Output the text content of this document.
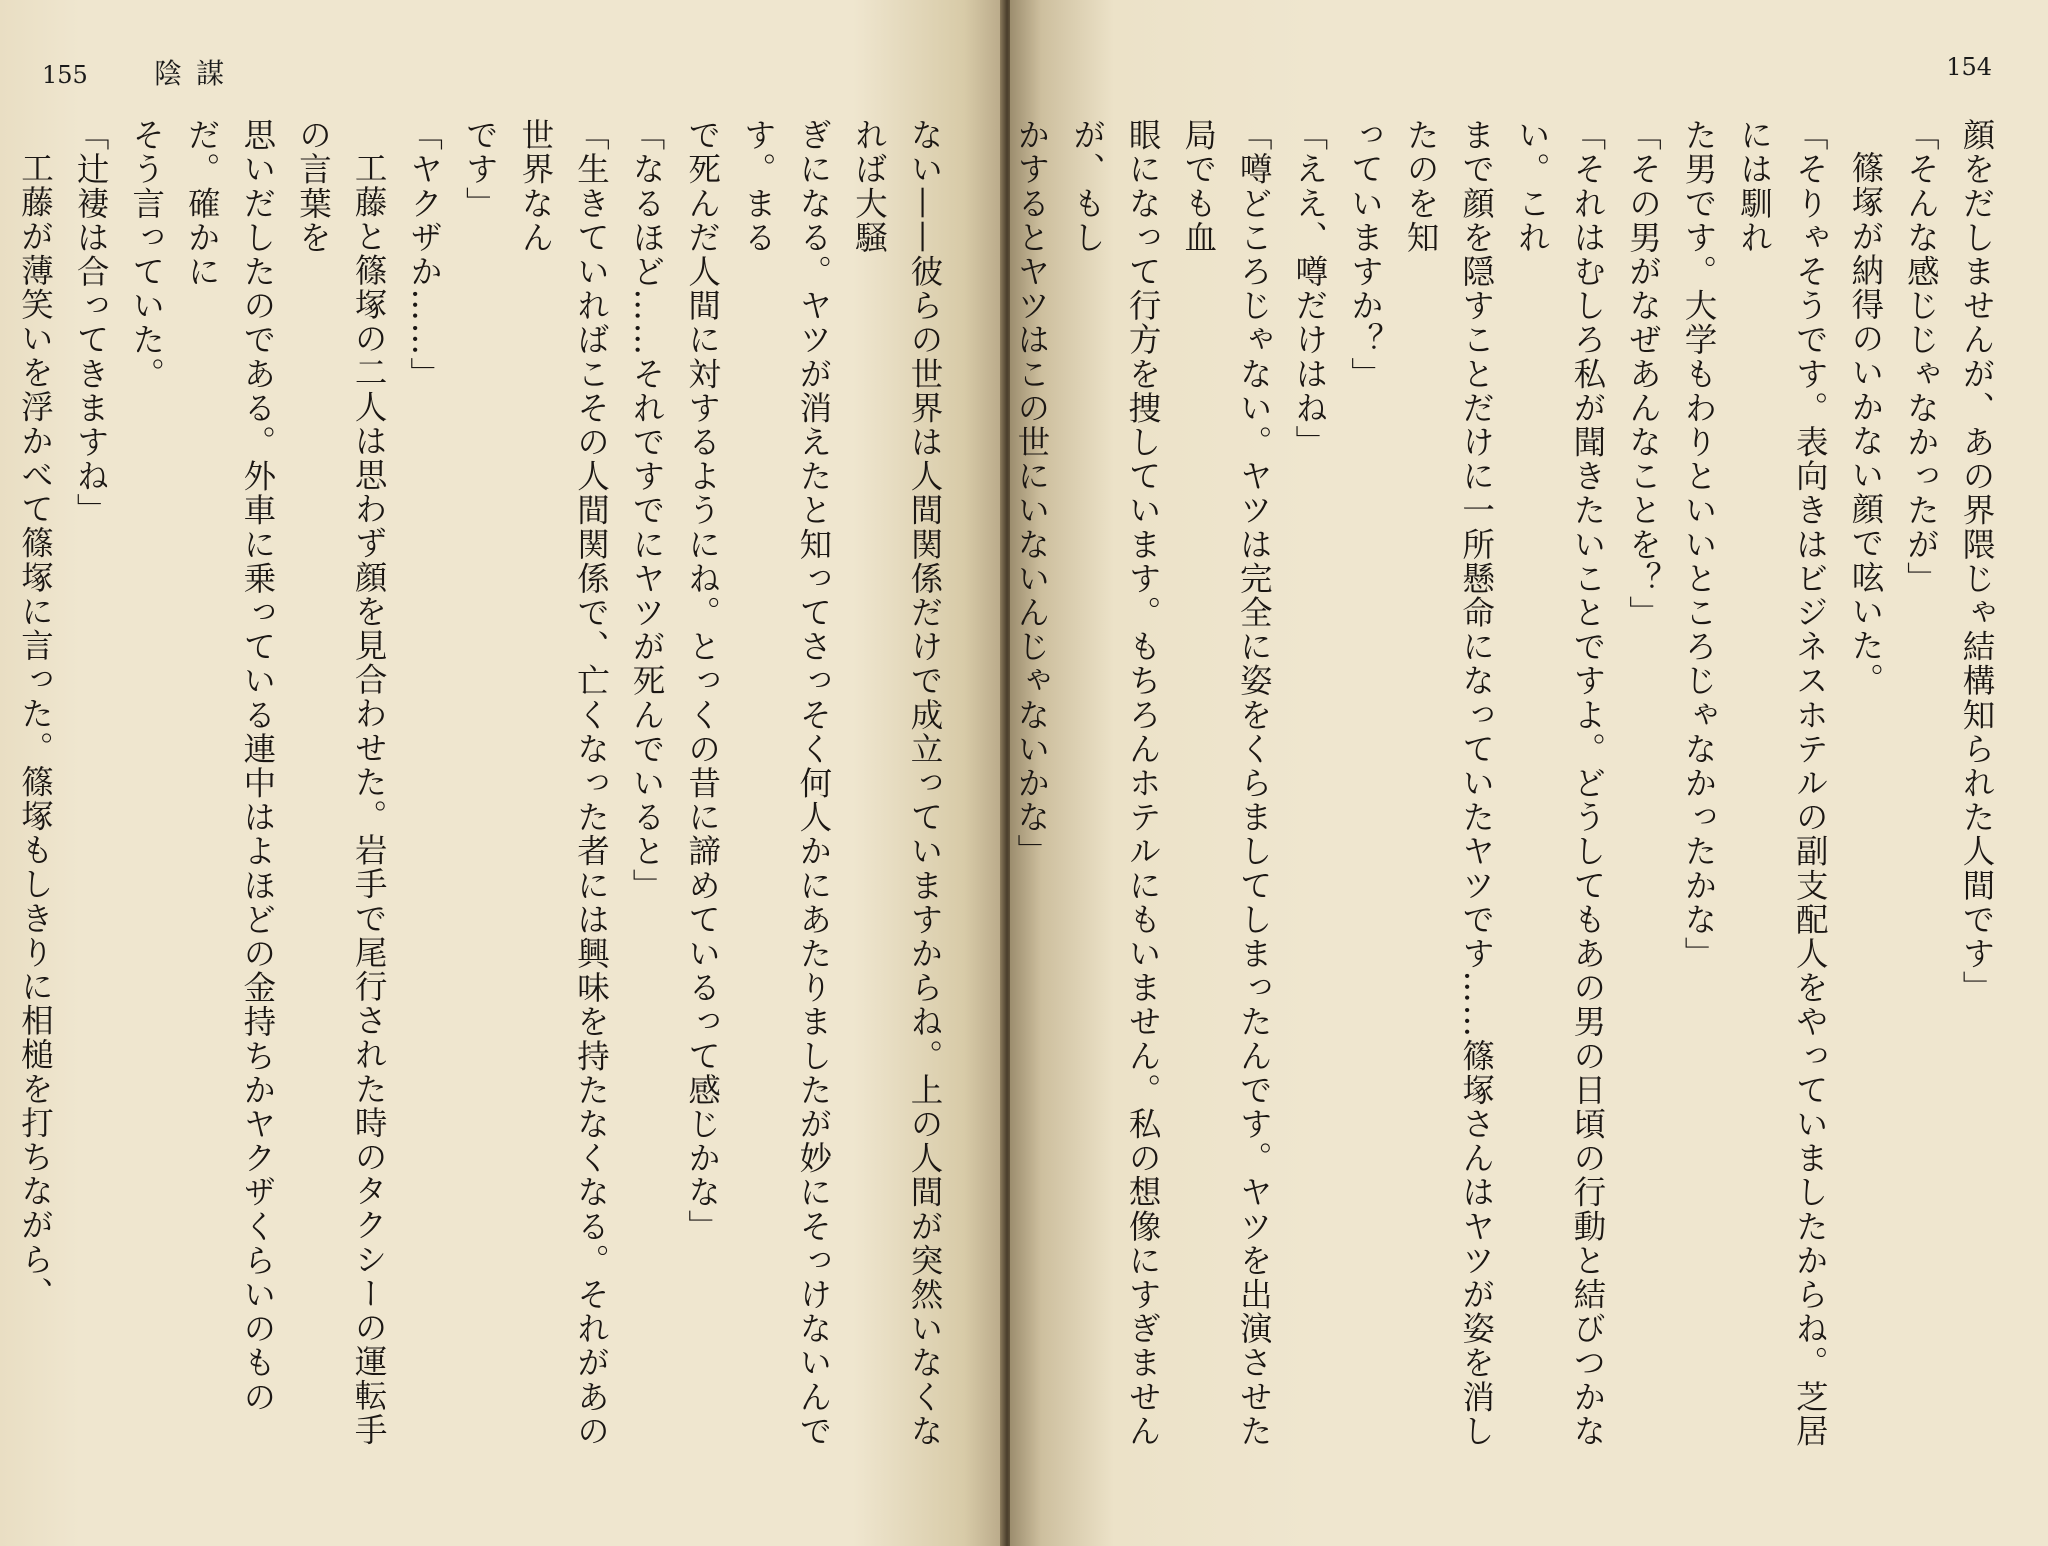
155 陰謀

ない——彼らの世界は人間関係だけで成立っていますからね。上の人間が突然いなくなれば大騒

ぎになる。ヤツが消えたと知ってさっそく何人かにあたりましたが妙にそっけないんです。まる

で死んだ人間に対するようにね。とっくの昔に諦めているって感じかな」

「なるほど……それですでにヤツが死んでいると」

「生きていればこその人間関係で、亡くなった者には興味を持たなくなる。それがあの世界なん

です」

「ヤクザか……」

工藤と篠塚の二人は思わず顔を見合わせた。岩手で尾行された時のタクシーの運転手の言葉を

思いだしたのである。外車に乗っている連中はよほどの金持ちかヤクザくらいのものだ。確かに

そう言っていた。

「辻褄は合ってきますね」

工藤が薄笑いを浮かべて篠塚に言った。篠塚もしきりに相槌を打ちながら、

154

顔をだしませんが、あの界隈じゃ結構知られた人間です」

「そんな感じじゃなかったが」

篠塚が納得のいかない顔で呟いた。

「そりゃそうです。表向きはビジネスホテルの副支配人をやっていましたからね。芝居には馴れ

た男です。大学もわりといいところじゃなかったかな」

「その男がなぜあんなことを？」

「それはむしろ私が聞きたいことですよ。どうしてもあの男の日頃の行動と結びつかない。これ

まで顔を隠すことだけに一所懸命になっていたヤツです……篠塚さんはヤツが姿を消したのを知

っていますか？」

「ええ、噂だけはね」

「噂どころじゃない。ヤツは完全に姿をくらましてしまったんです。ヤツを出演させた局でも血

眼になって行方を捜しています。もちろんホテルにもいません。私の想像にすぎませんが、もし

かするとヤツはこの世にいないんじゃないかな」
